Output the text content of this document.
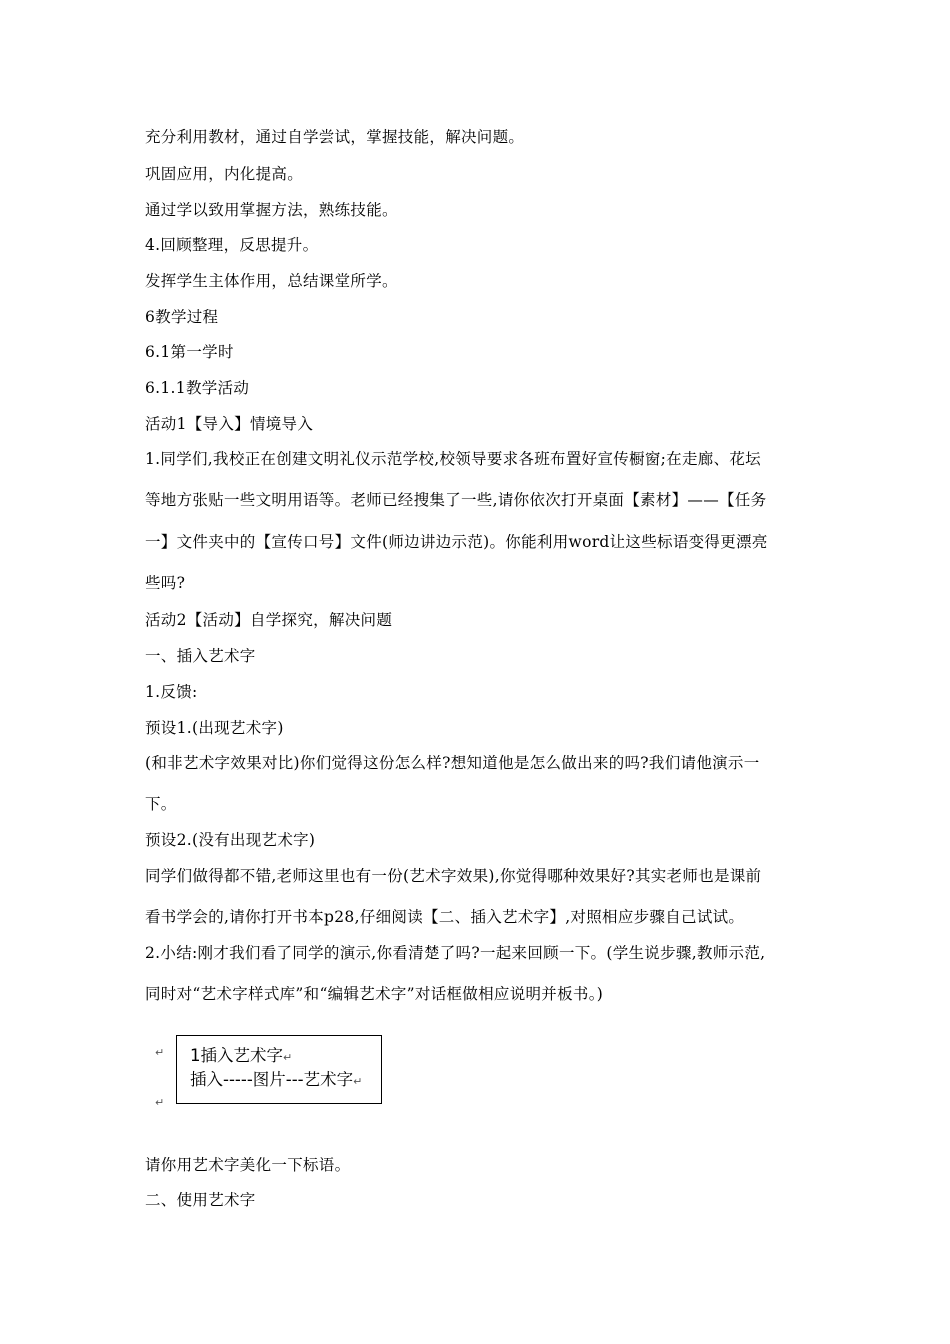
充分利用教材，通过自学尝试，掌握技能，解决问题。
巩固应用，内化提高。
通过学以致用掌握方法，熟练技能。
4.回顾整理，反思提升。
发挥学生主体作用，总结课堂所学。
6教学过程
6.1第一学时
6.1.1教学活动
活动1【导入】情境导入
1.同学们,我校正在创建文明礼仪示范学校,校领导要求各班布置好宣传橱窗;在走廊、花坛
等地方张贴一些文明用语等。老师已经搜集了一些,请你依次打开桌面【素材】——【任务
一】文件夹中的【宣传口号】文件(师边讲边示范)。你能利用word让这些标语变得更漂亮
些吗?
活动2【活动】自学探究，解决问题
一、插入艺术字
1.反馈:
预设1.(出现艺术字)
(和非艺术字效果对比)你们觉得这份怎么样?想知道他是怎么做出来的吗?我们请他演示一
下。
预设2.(没有出现艺术字)
同学们做得都不错,老师这里也有一份(艺术字效果),你觉得哪种效果好?其实老师也是课前
看书学会的,请你打开书本p28,仔细阅读【二、插入艺术字】,对照相应步骤自己试试。
2.小结:刚才我们看了同学的演示,你看清楚了吗?一起来回顾一下。(学生说步骤,教师示范,
同时对“艺术字样式库”和“编辑艺术字”对话框做相应说明并板书。)
↵
↵
1插入艺术字↵
插入-----图片---艺术字↵
请你用艺术字美化一下标语。
二、使用艺术字
